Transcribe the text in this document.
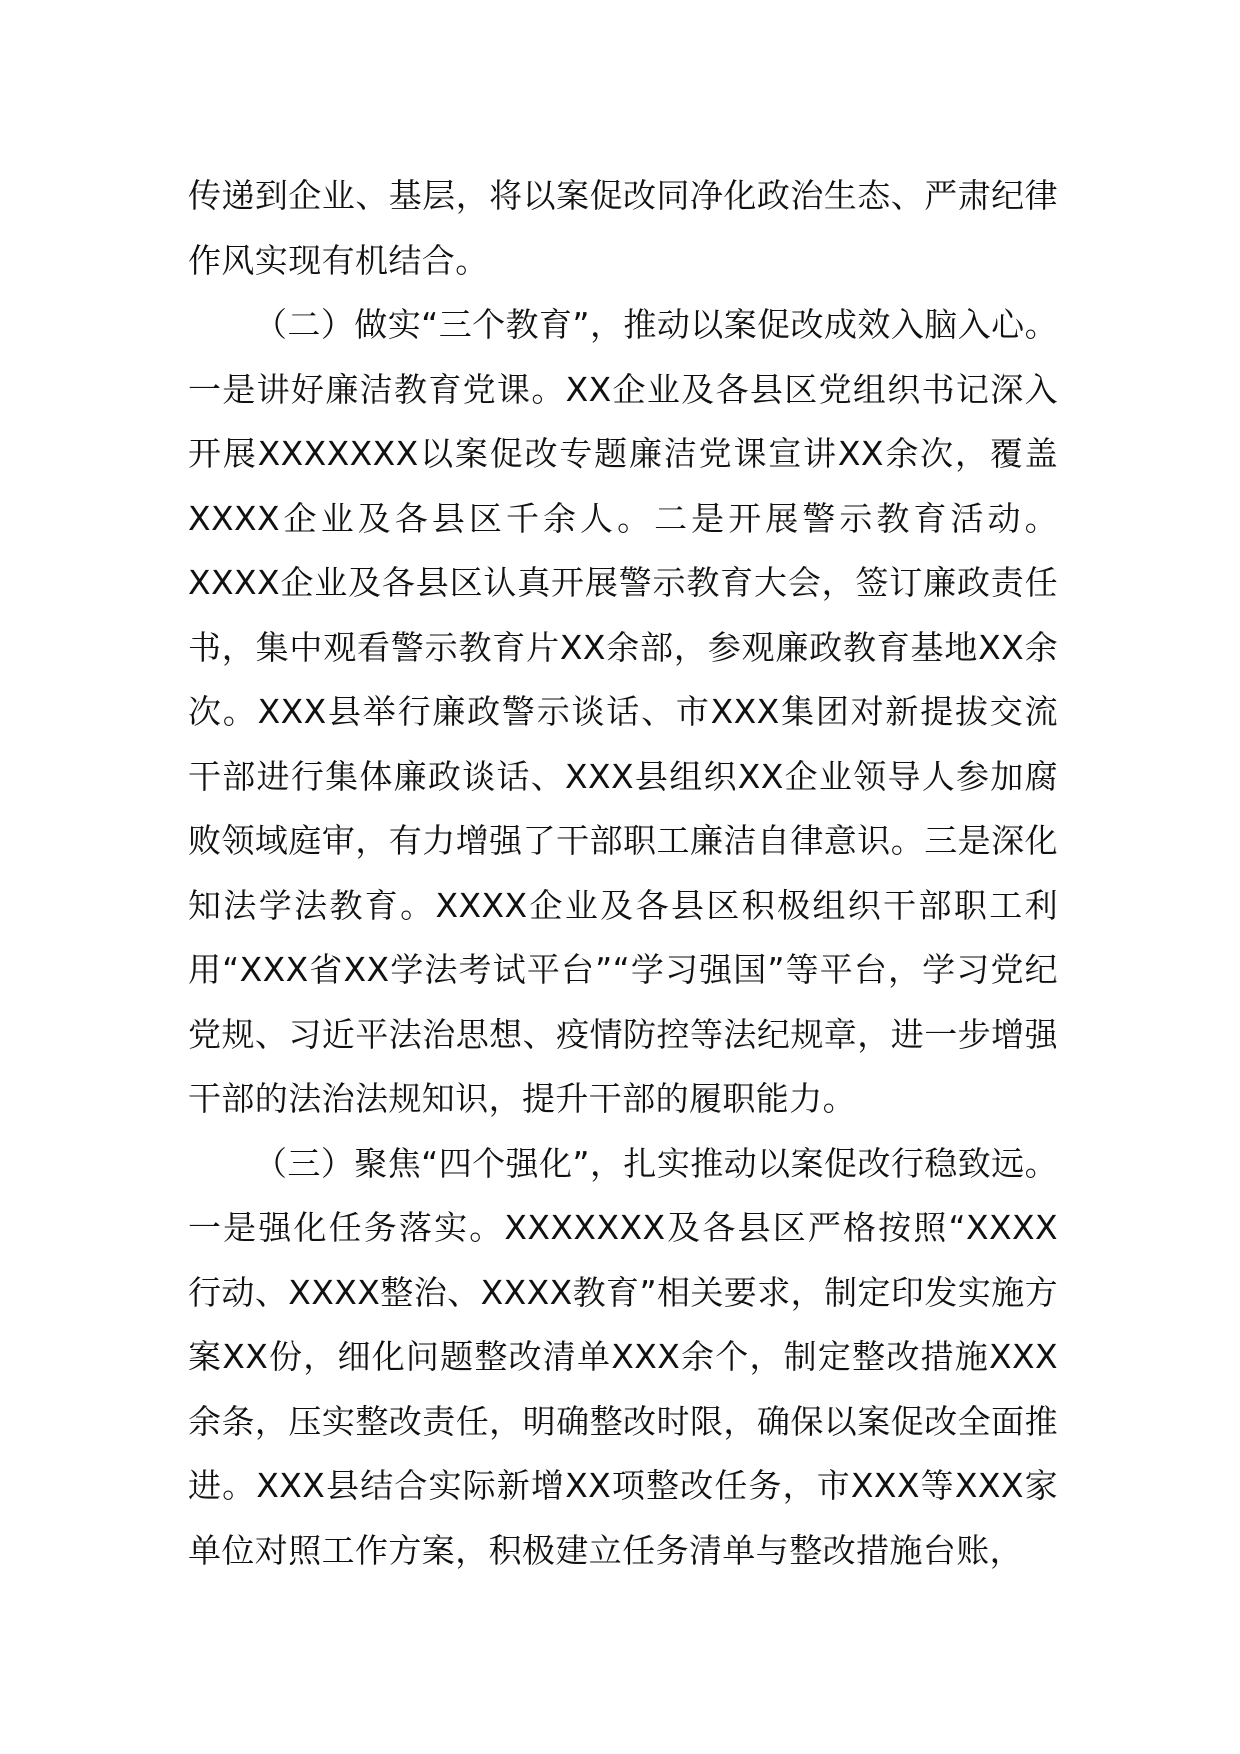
传递到企业、基层，将以案促改同净化政治生态、严肃纪律作风实现有机结合。

（二）做实“三个教育”，推动以案促改成效入脑入心。一是讲好廉洁教育党课。XX企业及各县区党组织书记深入开展XXXXXXX以案促改专题廉洁党课宣讲XX余次，覆盖XXXX企业及各县区千余人。二是开展警示教育活动。XXXX企业及各县区认真开展警示教育大会，签订廉政责任书，集中观看警示教育片XX余部，参观廉政教育基地XX余次。XXX县举行廉政警示谈话、市XXX集团对新提拔交流干部进行集体廉政谈话、XXX县组织XX企业领导人参加腐败领域庭审，有力增强了干部职工廉洁自律意识。三是深化知法学法教育。XXXX企业及各县区积极组织干部职工利用“XXX省XX学法考试平台”“学习强国”等平台，学习党纪党规、习近平法治思想、疫情防控等法纪规章，进一步增强干部的法治法规知识，提升干部的履职能力。

（三）聚焦“四个强化”，扎实推动以案促改行稳致远。一是强化任务落实。XXXXXXX及各县区严格按照“XXXX行动、XXXX整治、XXXX教育”相关要求，制定印发实施方案XX份，细化问题整改清单XXX余个，制定整改措施XXX余条，压实整改责任，明确整改时限，确保以案促改全面推进。XXX县结合实际新增XX项整改任务，市XXX等XXX家单位对照工作方案，积极建立任务清单与整改措施台账，
